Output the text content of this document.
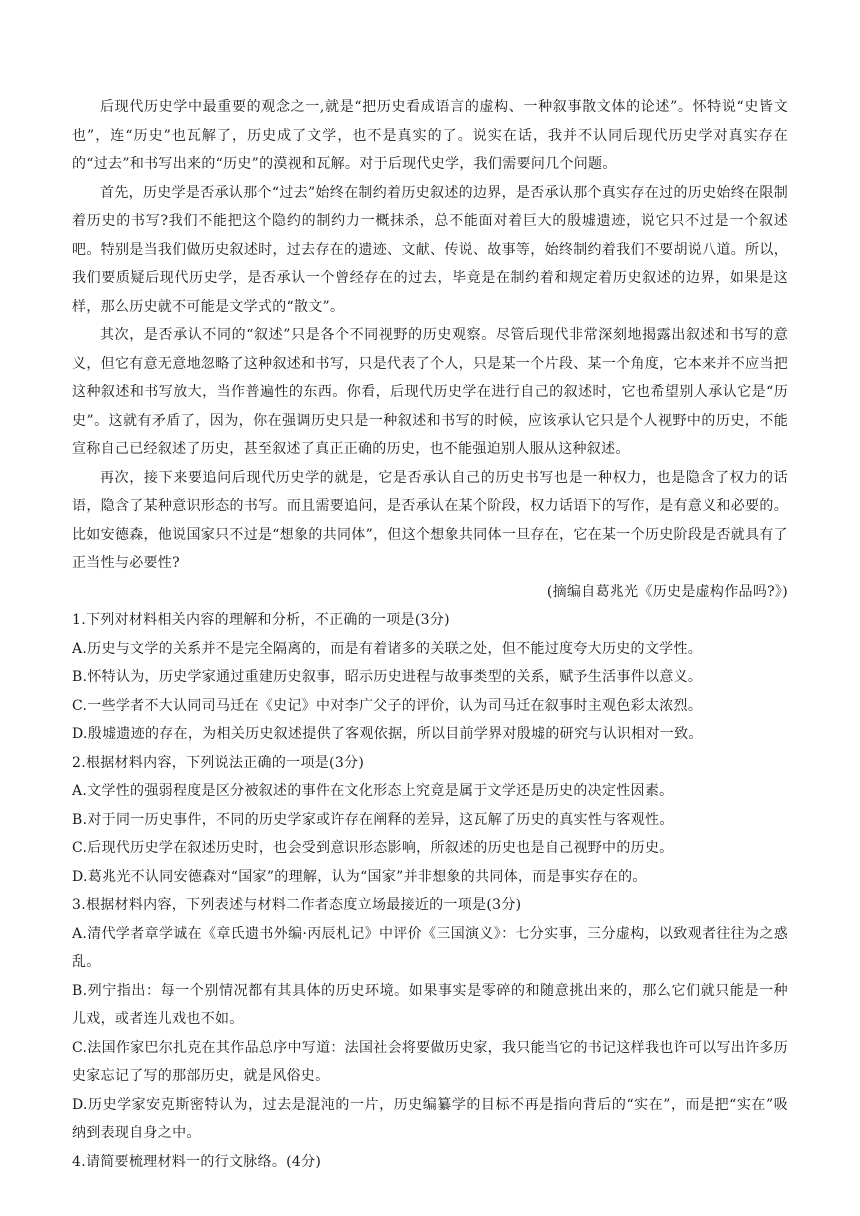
后现代历史学中最重要的观念之一,就是“把历史看成语言的虚构、一种叙事散文体的论述”。怀特说“史皆文也”，连“历史”也瓦解了，历史成了文学，也不是真实的了。说实在话，我并不认同后现代历史学对真实存在的“过去”和书写出来的“历史”的漠视和瓦解。对于后现代史学，我们需要问几个问题。

首先，历史学是否承认那个“过去”始终在制约着历史叙述的边界，是否承认那个真实存在过的历史始终在限制着历史的书写?我们不能把这个隐约的制约力一概抹杀，总不能面对着巨大的殷墟遗迹，说它只不过是一个叙述吧。特别是当我们做历史叙述时，过去存在的遗迹、文献、传说、故事等，始终制约着我们不要胡说八道。所以，我们要质疑后现代历史学，是否承认一个曾经存在的过去，毕竟是在制约着和规定着历史叙述的边界，如果是这样，那么历史就不可能是文学式的“散文”。

其次，是否承认不同的“叙述”只是各个不同视野的历史观察。尽管后现代非常深刻地揭露出叙述和书写的意义，但它有意无意地忽略了这种叙述和书写，只是代表了个人，只是某一个片段、某一个角度，它本来并不应当把这种叙述和书写放大，当作普遍性的东西。你看，后现代历史学在进行自己的叙述时，它也希望别人承认它是“历史”。这就有矛盾了，因为，你在强调历史只是一种叙述和书写的时候，应该承认它只是个人视野中的历史，不能宣称自己已经叙述了历史，甚至叙述了真正正确的历史，也不能强迫别人服从这种叙述。

再次，接下来要追问后现代历史学的就是，它是否承认自己的历史书写也是一种权力，也是隐含了权力的话语，隐含了某种意识形态的书写。而且需要追问，是否承认在某个阶段，权力话语下的写作，是有意义和必要的。比如安德森，他说国家只不过是“想象的共同体”，但这个想象共同体一旦存在，它在某一个历史阶段是否就具有了正当性与必要性?

(摘编自葛兆光《历史是虚构作品吗?》)

1.下列对材料相关内容的理解和分析，不正确的一项是(3分)

A.历史与文学的关系并不是完全隔离的，而是有着诸多的关联之处，但不能过度夸大历史的文学性。

B.怀特认为，历史学家通过重建历史叙事，昭示历史进程与故事类型的关系，赋予生活事件以意义。

C.一些学者不大认同司马迁在《史记》中对李广父子的评价，认为司马迁在叙事时主观色彩太浓烈。

D.殷墟遗迹的存在，为相关历史叙述提供了客观依据，所以目前学界对殷墟的研究与认识相对一致。

2.根据材料内容，下列说法正确的一项是(3分)

A.文学性的强弱程度是区分被叙述的事件在文化形态上究竟是属于文学还是历史的决定性因素。

B.对于同一历史事件，不同的历史学家或许存在阐释的差异，这瓦解了历史的真实性与客观性。

C.后现代历史学在叙述历史时，也会受到意识形态影响，所叙述的历史也是自己视野中的历史。

D.葛兆光不认同安德森对“国家”的理解，认为“国家”并非想象的共同体，而是事实存在的。

3.根据材料内容，下列表述与材料二作者态度立场最接近的一项是(3分)

A.清代学者章学诚在《章氏遗书外编·丙辰札记》中评价《三国演义》：七分实事，三分虚构，以致观者往往为之惑乱。

B.列宁指出：每一个别情况都有其具体的历史环境。如果事实是零碎的和随意挑出来的，那么它们就只能是一种儿戏，或者连儿戏也不如。

C.法国作家巴尔扎克在其作品总序中写道：法国社会将要做历史家，我只能当它的书记这样我也许可以写出许多历史家忘记了写的那部历史，就是风俗史。

D.历史学家安克斯密特认为，过去是混沌的一片，历史编纂学的目标不再是指向背后的“实在”，而是把“实在”吸纳到表现自身之中。

4.请简要梳理材料一的行文脉络。(4分)
